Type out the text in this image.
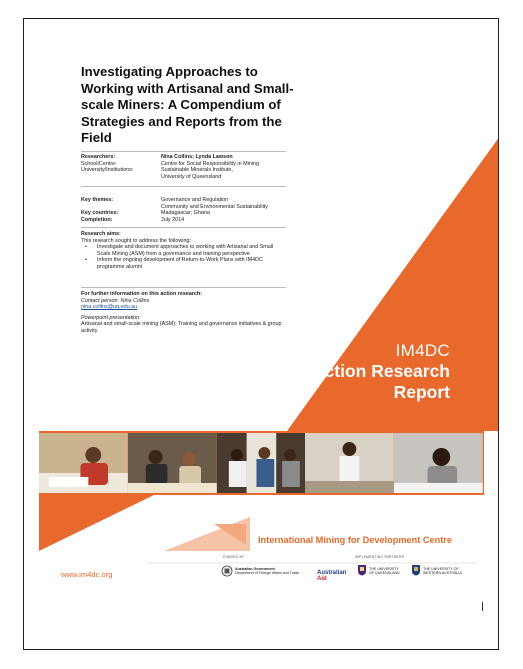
Investigating Approaches to Working with Artisanal and Small-scale Miners: A Compendium of Strategies and Reports from the Field
Researchers:	Nina Collins; Lynda Lawson
School/Centre:	Centre for Social Responsibility in Mining
University/Institutions:	Sustainable Minerals Institute,
University of Queensland
Key themes:	Governance and Regulation
Community and Environmental Sustainability
Key countries:	Madagascar; Ghana
Completion:	July 2014
Research aims:
This research sought to address the following:
• Investigate and document approaches to working with Artisanal and Small Scale Mining (ASM) from a governance and training perspective
• Inform the ongoing development of Return-to-Work Plans with IM4DC programme alumni
For further information on this action research:
Contact person: Nina Collins
nina.collins@uq.edu.au
Powerpoint presentation:
Artisanal and small-scale mining (ASM): Training and governance initiatives & group activity
IM4DC
Action Research
Report
International Mining for Development Centre
FUNDED BY	IMPLEMENTING PARTNERS
Australian Government
Department of Foreign Affairs and Trade	Australian
Aid
THE UNIVERSITY
OF QUEENSLAND
THE UNIVERSITY OF
WESTERN AUSTRALIA
www.im4dc.org
